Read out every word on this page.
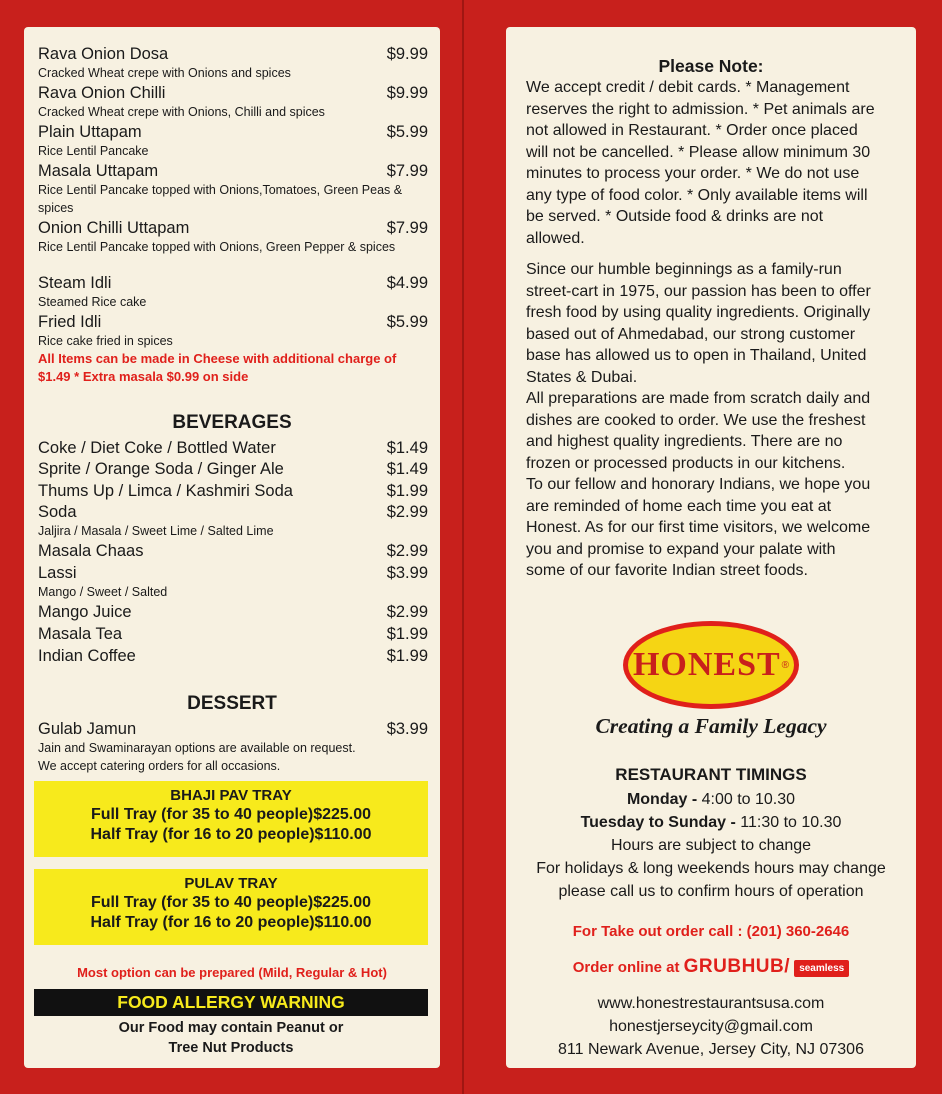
Rava Onion Dosa	$9.99
Cracked Wheat crepe with Onions and spices
Rava Onion Chilli	$9.99
Cracked Wheat crepe with Onions, Chilli and spices
Plain Uttapam	$5.99
Rice Lentil Pancake
Masala Uttapam	$7.99
Rice Lentil Pancake topped with Onions,Tomatoes, Green Peas & spices
Onion Chilli Uttapam	$7.99
Rice Lentil Pancake topped with Onions, Green Pepper & spices
Steam Idli	$4.99
Steamed Rice cake
Fried Idli	$5.99
Rice cake fried in spices
All Items can be made in Cheese with additional charge of $1.49 * Extra masala $0.99 on side
BEVERAGES
Coke / Diet Coke / Bottled Water	$1.49
Sprite / Orange Soda / Ginger Ale	$1.49
Thums Up / Limca / Kashmiri Soda	$1.99
Soda	$2.99
Jaljira / Masala / Sweet Lime / Salted Lime
Masala Chaas	$2.99
Lassi	$3.99
Mango / Sweet / Salted
Mango Juice	$2.99
Masala Tea	$1.99
Indian Coffee	$1.99
DESSERT
Gulab Jamun	$3.99
Jain and Swaminarayan options are available on request.
We accept catering orders for all occasions.
BHAJI PAV TRAY
Full Tray (for 35 to 40 people)$225.00
Half Tray (for 16 to 20 people)$110.00
PULAV TRAY
Full Tray (for 35 to 40 people)$225.00
Half Tray (for 16 to 20 people)$110.00
Most option can be prepared (Mild, Regular & Hot)
FOOD ALLERGY WARNING
Our Food may contain Peanut or
Tree Nut Products
Please Note:
We accept credit / debit cards. * Management
reserves the right to admission. * Pet animals are
not allowed in Restaurant. * Order once placed
will not be cancelled. * Please allow minimum 30
minutes to process your order. * We do not use
any type of food color. * Only available items will
be served. * Outside food & drinks are not
allowed.
Since our humble beginnings as a family-run
street-cart in 1975, our passion has been to offer
fresh food by using quality ingredients. Originally
based out of Ahmedabad, our strong customer
base has allowed us to open in Thailand, United
States & Dubai.
All preparations are made from scratch daily and
dishes are cooked to order. We use the freshest
and highest quality ingredients. There are no
frozen or processed products in our kitchens.
To our fellow and honorary Indians, we hope you
are reminded of home each time you eat at
Honest. As for our first time visitors, we welcome
you and promise to expand your palate with
some of our favorite Indian street foods.
HONEST ®
Creating a Family Legacy
RESTAURANT TIMINGS
Monday - 4:00 to 10.30
Tuesday to Sunday - 11:30 to 10.30
Hours are subject to change
For holidays & long weekends hours may change
please call us to confirm hours of operation
For Take out order call : (201) 360-2646
Order online at GRUBHUB/ seamless
www.honestrestaurantsusa.com
honestjerseycity@gmail.com
811 Newark Avenue, Jersey City, NJ 07306
